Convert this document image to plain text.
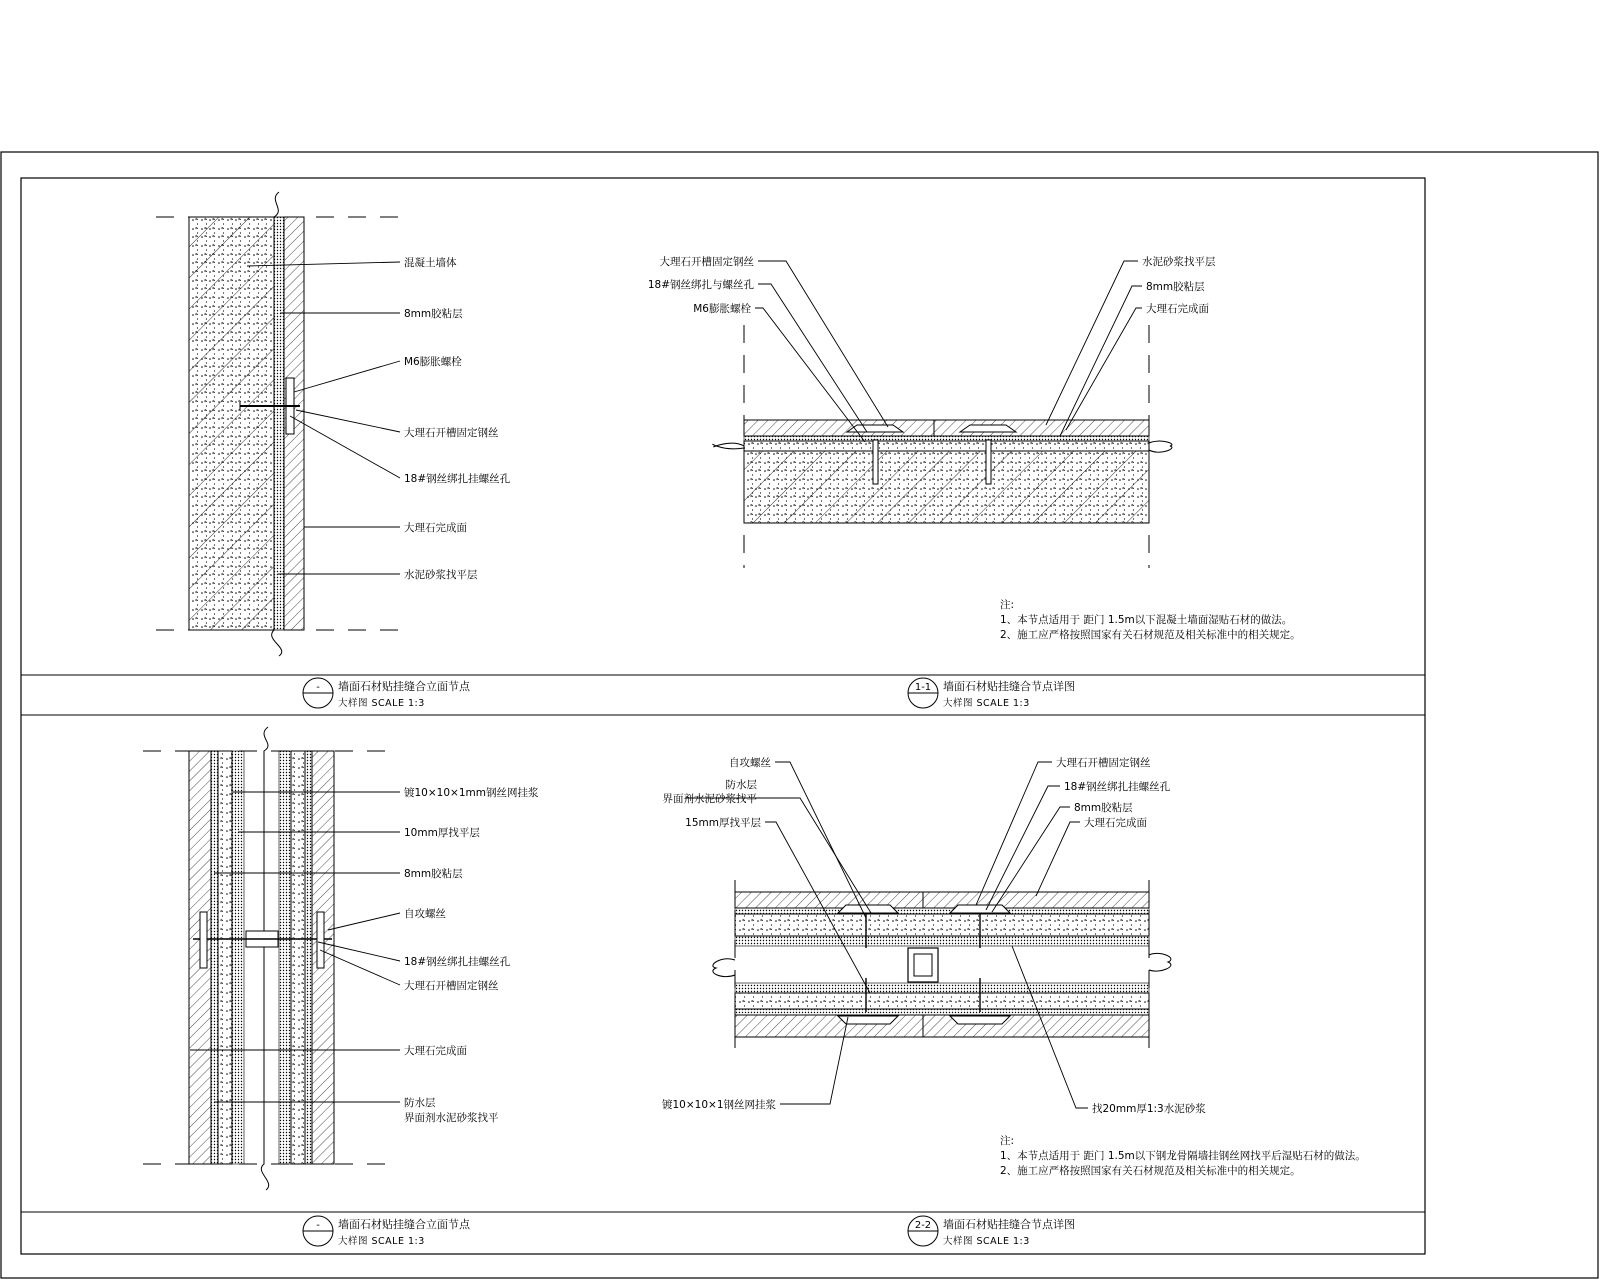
混凝土墙体
8mm胶粘层
M6膨胀螺栓
大理石开槽固定钢丝
18#钢丝绑扎挂螺丝孔
大理石完成面
水泥砂浆找平层
- 墙面石材贴挂缝合立面节点
大样图 SCALE 1:3
大理石开槽固定钢丝
18#钢丝绑扎与螺丝孔
M6膨胀螺栓
水泥砂浆找平层
8mm胶粘层
大理石完成面
注:
1、本节点适用于 距门 1.5m以下混凝土墙面湿贴石材的做法。
2、施工应严格按照国家有关石材规范及相关标准中的相关规定。
1-1 墙面石材贴挂缝合节点详图
大样图 SCALE 1:3
镀10×10×1mm钢丝网挂浆
10mm厚找平层
8mm胶粘层
自攻螺丝
18#钢丝绑扎挂螺丝孔
大理石开槽固定钢丝
大理石完成面
防水层
界面剂水泥砂浆找平
- 墙面石材贴挂缝合立面节点
大样图 SCALE 1:3
自攻螺丝
防水层
界面剂水泥砂浆找平
15mm厚找平层
大理石开槽固定钢丝
18#钢丝绑扎挂螺丝孔
8mm胶粘层
大理石完成面
镀10×10×1钢丝网挂浆	找20mm厚1:3水泥砂浆
注:
1、本节点适用于 距门 1.5m以下钢龙骨隔墙挂钢丝网找平后湿贴石材的做法。
2、施工应严格按照国家有关石材规范及相关标准中的相关规定。
2-2 墙面石材贴挂缝合节点详图
大样图 SCALE 1:3
